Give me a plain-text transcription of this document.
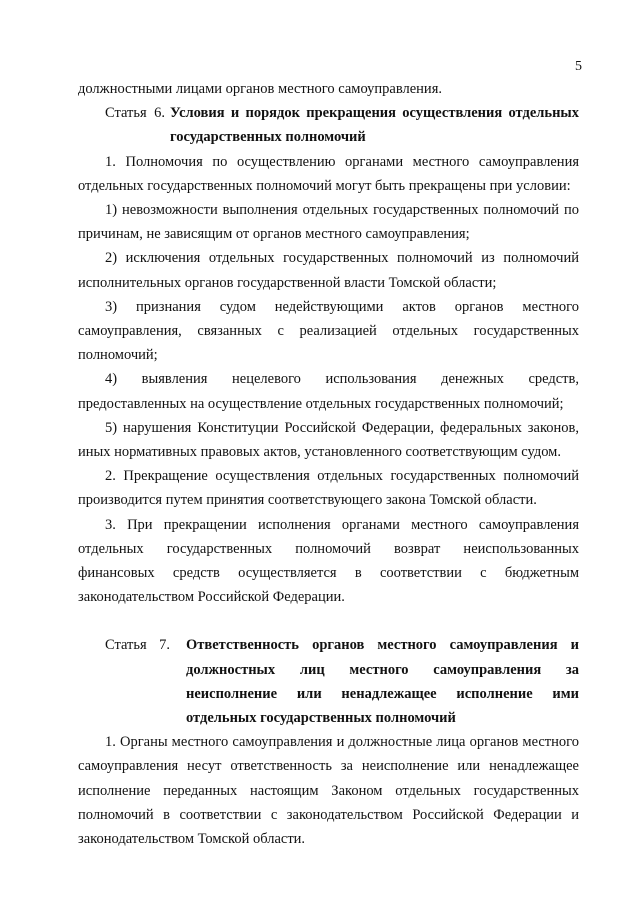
5

должностными лицами органов местного самоуправления.

Статья 6. Условия и порядок прекращения осуществления отдельных государственных полномочий

1. Полномочия по осуществлению органами местного самоуправления отдельных государственных полномочий могут быть прекращены при условии:

1) невозможности выполнения отдельных государственных полномочий по причинам, не зависящим от органов местного самоуправления;

2) исключения отдельных государственных полномочий из полномочий исполнительных органов государственной власти Томской области;

3) признания судом недействующими актов органов местного самоуправления, связанных с реализацией отдельных государственных полномочий;

4) выявления нецелевого использования денежных средств, предоставленных на осуществление отдельных государственных полномочий;

5) нарушения Конституции Российской Федерации, федеральных законов, иных нормативных правовых актов, установленного соответствующим судом.

2. Прекращение осуществления отдельных государственных полномочий производится путем принятия соответствующего закона Томской области.

3. При прекращении исполнения органами местного самоуправления отдельных государственных полномочий возврат неиспользованных финансовых средств осуществляется в соответствии с бюджетным законодательством Российской Федерации.

Статья 7. Ответственность органов местного самоуправления и должностных лиц местного самоуправления за неисполнение или ненадлежащее исполнение ими отдельных государственных полномочий

1. Органы местного самоуправления и должностные лица органов местного самоуправления несут ответственность за неисполнение или ненадлежащее исполнение переданных настоящим Законом отдельных государственных полномочий в соответствии с законодательством Российской Федерации и законодательством Томской области.
